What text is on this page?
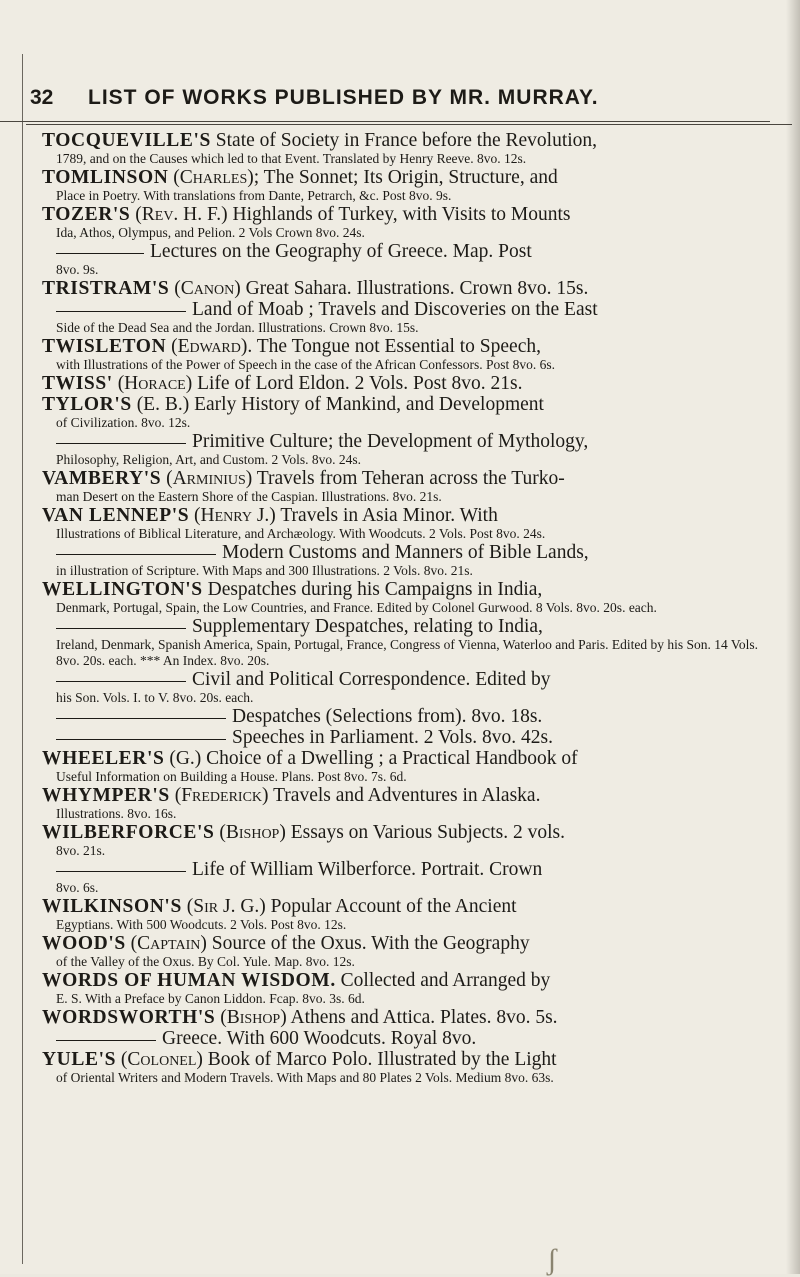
32 LIST OF WORKS PUBLISHED BY MR. MURRAY.
TOCQUEVILLE'S State of Society in France before the Revolution,
1789, and on the Causes which led to that Event. Translated by Henry Reeve. 8vo. 12s.
TOMLINSON (Charles); The Sonnet; Its Origin, Structure, and
Place in Poetry. With translations from Dante, Petrarch, &c. Post 8vo. 9s.
TOZER'S (Rev. H. F.) Highlands of Turkey, with Visits to Mounts
Ida, Athos, Olympus, and Pelion. 2 Vols Crown 8vo. 24s.
Lectures on the Geography of Greece. Map. Post
8vo. 9s.
TRISTRAM'S (Canon) Great Sahara. Illustrations. Crown 8vo. 15s.
Land of Moab ; Travels and Discoveries on the East
Side of the Dead Sea and the Jordan. Illustrations. Crown 8vo. 15s.
TWISLETON (Edward). The Tongue not Essential to Speech,
with Illustrations of the Power of Speech in the case of the African Confessors. Post 8vo. 6s.
TWISS' (Horace) Life of Lord Eldon. 2 Vols. Post 8vo. 21s.
TYLOR'S (E. B.) Early History of Mankind, and Development
of Civilization. 8vo. 12s.
Primitive Culture; the Development of Mythology,
Philosophy, Religion, Art, and Custom. 2 Vols. 8vo. 24s.
VAMBERY'S (Arminius) Travels from Teheran across the Turko-
man Desert on the Eastern Shore of the Caspian. Illustrations. 8vo. 21s.
VAN LENNEP'S (Henry J.) Travels in Asia Minor. With
Illustrations of Biblical Literature, and Archæology. With Woodcuts. 2 Vols. Post 8vo. 24s.
Modern Customs and Manners of Bible Lands,
in illustration of Scripture. With Maps and 300 Illustrations. 2 Vols. 8vo. 21s.
WELLINGTON'S Despatches during his Campaigns in India,
Denmark, Portugal, Spain, the Low Countries, and France. Edited by Colonel Gurwood. 8 Vols. 8vo. 20s. each.
Supplementary Despatches, relating to India,
Ireland, Denmark, Spanish America, Spain, Portugal, France, Congress of Vienna, Waterloo and Paris. Edited by his Son. 14 Vols. 8vo. 20s. each. *** An Index. 8vo. 20s.
Civil and Political Correspondence. Edited by
his Son. Vols. I. to V. 8vo. 20s. each.
Despatches (Selections from). 8vo. 18s.
Speeches in Parliament. 2 Vols. 8vo. 42s.
WHEELER'S (G.) Choice of a Dwelling ; a Practical Handbook of
Useful Information on Building a House. Plans. Post 8vo. 7s. 6d.
WHYMPER'S (Frederick) Travels and Adventures in Alaska.
Illustrations. 8vo. 16s.
WILBERFORCE'S (Bishop) Essays on Various Subjects. 2 vols.
8vo. 21s.
Life of William Wilberforce. Portrait. Crown
8vo. 6s.
WILKINSON'S (Sir J. G.) Popular Account of the Ancient
Egyptians. With 500 Woodcuts. 2 Vols. Post 8vo. 12s.
WOOD'S (Captain) Source of the Oxus. With the Geography
of the Valley of the Oxus. By Col. Yule. Map. 8vo. 12s.
WORDS OF HUMAN WISDOM. Collected and Arranged by
E. S. With a Preface by Canon Liddon. Fcap. 8vo. 3s. 6d.
WORDSWORTH'S (Bishop) Athens and Attica. Plates. 8vo. 5s.
Greece. With 600 Woodcuts. Royal 8vo.
YULE'S (Colonel) Book of Marco Polo. Illustrated by the Light
of Oriental Writers and Modern Travels. With Maps and 80 Plates 2 Vols. Medium 8vo. 63s.
ʃ
